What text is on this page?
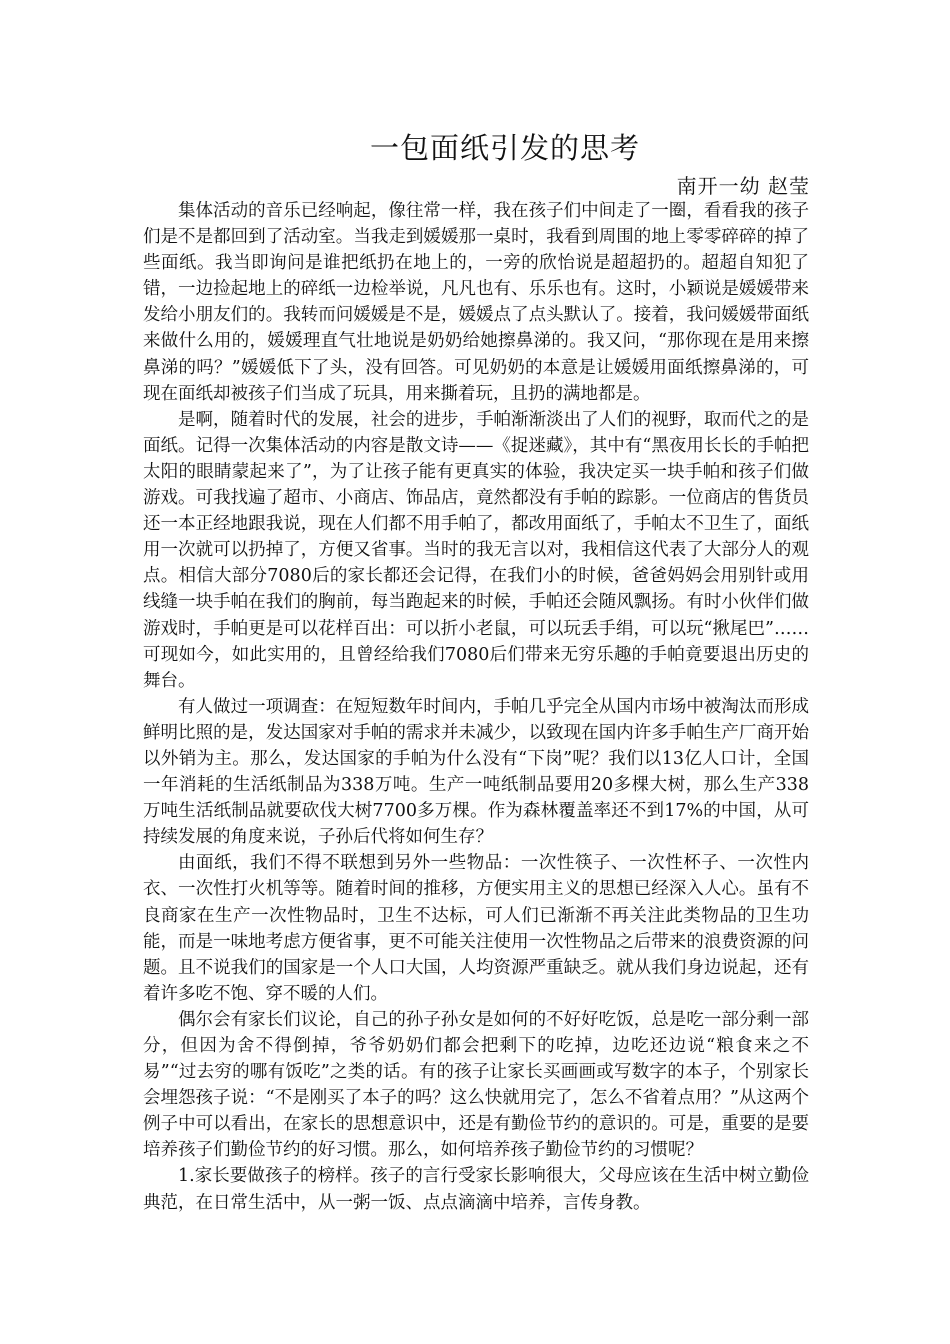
一包面纸引发的思考
南开一幼 赵莹

集体活动的音乐已经响起，像往常一样，我在孩子们中间走了一圈，看看我的孩子们是不是都回到了活动室。当我走到媛媛那一桌时，我看到周围的地上零零碎碎的掉了些面纸。我当即询问是谁把纸扔在地上的，一旁的欣怡说是超超扔的。超超自知犯了错，一边捡起地上的碎纸一边检举说，凡凡也有、乐乐也有。这时，小颖说是媛媛带来发给小朋友们的。我转而问媛媛是不是，媛媛点了点头默认了。接着，我问媛媛带面纸来做什么用的，媛媛理直气壮地说是奶奶给她擦鼻涕的。我又问，“那你现在是用来擦鼻涕的吗？”媛媛低下了头，没有回答。可见奶奶的本意是让媛媛用面纸擦鼻涕的，可现在面纸却被孩子们当成了玩具，用来撕着玩，且扔的满地都是。

是啊，随着时代的发展，社会的进步，手帕渐渐淡出了人们的视野，取而代之的是面纸。记得一次集体活动的内容是散文诗——《捉迷藏》，其中有“黑夜用长长的手帕把太阳的眼睛蒙起来了”，为了让孩子能有更真实的体验，我决定买一块手帕和孩子们做游戏。可我找遍了超市、小商店、饰品店，竟然都没有手帕的踪影。一位商店的售货员还一本正经地跟我说，现在人们都不用手帕了，都改用面纸了，手帕太不卫生了，面纸用一次就可以扔掉了，方便又省事。当时的我无言以对，我相信这代表了大部分人的观点。相信大部分7080后的家长都还会记得，在我们小的时候，爸爸妈妈会用别针或用线缝一块手帕在我们的胸前，每当跑起来的时候，手帕还会随风飘扬。有时小伙伴们做游戏时，手帕更是可以花样百出：可以折小老鼠，可以玩丢手绢，可以玩“揪尾巴”……可现如今，如此实用的，且曾经给我们7080后们带来无穷乐趣的手帕竟要退出历史的舞台。

有人做过一项调查：在短短数年时间内，手帕几乎完全从国内市场中被淘汰而形成鲜明比照的是，发达国家对手帕的需求并未减少，以致现在国内许多手帕生产厂商开始以外销为主。那么，发达国家的手帕为什么没有“下岗”呢？我们以13亿人口计，全国一年消耗的生活纸制品为338万吨。生产一吨纸制品要用20多棵大树，那么生产338万吨生活纸制品就要砍伐大树7700多万棵。作为森林覆盖率还不到17%的中国，从可持续发展的角度来说，子孙后代将如何生存？

由面纸，我们不得不联想到另外一些物品：一次性筷子、一次性杯子、一次性内衣、一次性打火机等等。随着时间的推移，方便实用主义的思想已经深入人心。虽有不良商家在生产一次性物品时，卫生不达标，可人们已渐渐不再关注此类物品的卫生功能，而是一味地考虑方便省事，更不可能关注使用一次性物品之后带来的浪费资源的问题。且不说我们的国家是一个人口大国，人均资源严重缺乏。就从我们身边说起，还有着许多吃不饱、穿不暖的人们。

偶尔会有家长们议论，自己的孙子孙女是如何的不好好吃饭，总是吃一部分剩一部分，但因为舍不得倒掉，爷爷奶奶们都会把剩下的吃掉，边吃还边说“粮食来之不易”“过去穷的哪有饭吃”之类的话。有的孩子让家长买画画或写数字的本子，个别家长会埋怨孩子说：“不是刚买了本子的吗？这么快就用完了，怎么不省着点用？”从这两个例子中可以看出，在家长的思想意识中，还是有勤俭节约的意识的。可是，重要的是要培养孩子们勤俭节约的好习惯。那么，如何培养孩子勤俭节约的习惯呢？

1.家长要做孩子的榜样。孩子的言行受家长影响很大，父母应该在生活中树立勤俭典范，在日常生活中，从一粥一饭、点点滴滴中培养，言传身教。
